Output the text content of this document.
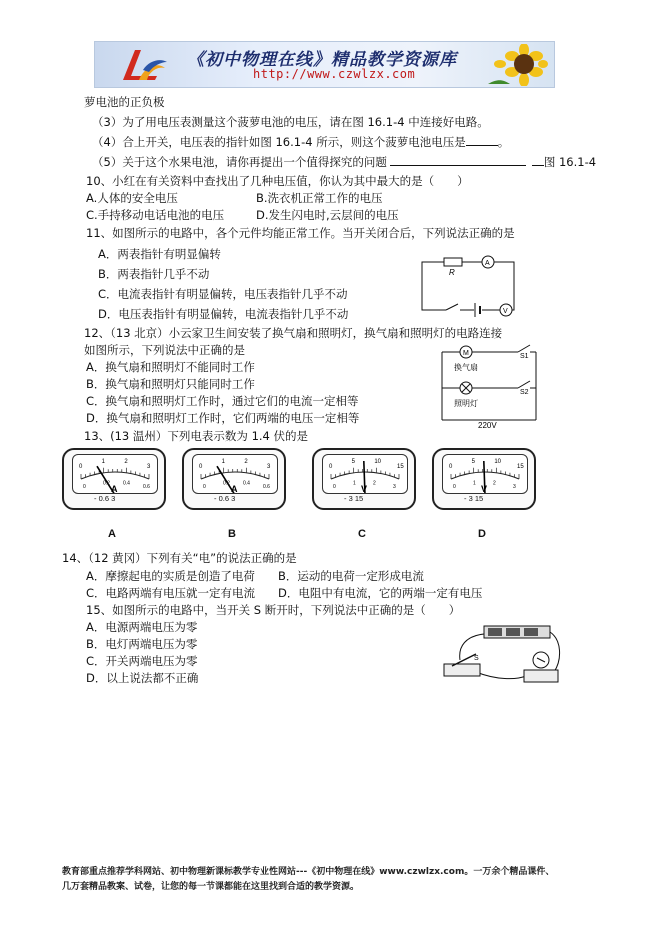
《初中物理在线》精品教学资源库
http://www.czwlzx.com
萝电池的正负极
（3）为了用电压表测量这个菠萝电池的电压，请在图 16.1-4 中连接好电路。
（4）合上开关，电压表的指针如图 16.1-4 所示，则这个菠萝电池电压是	。
（5）关于这个水果电池，请你再提出一个值得探究的问题	图 16.1-4
10、小红在有关资料中查找出了几种电压值，你认为其中最大的是（　　）
A.人体的安全电压	B.洗衣机正常工作的电压
C.手持移动电话电池的电压	D.发生闪电时,云层间的电压
11、如图所示的电路中，各个元件均能正常工作。当开关闭合后，下列说法正确的是
A．两表指针有明显偏转
B．两表指针几乎不动
C．电流表指针有明显偏转，电压表指针几乎不动
D．电压表指针有明显偏转，电流表指针几乎不动
R
A
V
12、（13 北京）小云家卫生间安装了换气扇和照明灯，换气扇和照明灯的电路连接
如图所示，下列说法中正确的是
A．换气扇和照明灯不能同时工作
B．换气扇和照明灯只能同时工作
C．换气扇和照明灯工作时，通过它们的电流一定相等
D．换气扇和照明灯工作时，它们两端的电压一定相等
M	S1
S2
换气扇
照明灯
220V
13、(13 温州）下列电表示数为 1.4 伏的是
0
1	2
3
0
0.2	0.4
0.6
A
- 0.6 3
A
0
1	2
3
0
0.2	0.4
0.6
A
- 0.6 3
B
0
5	10
15
0
1	2
3
V
- 3 15
C
0
5	10
15
0
1	2
3
V
- 3 15
D
14、（12 黄冈）下列有关“电”的说法正确的是
A．摩擦起电的实质是创造了电荷 B．运动的电荷一定形成电流
C．电路两端有电压就一定有电流 D．电阻中有电流，它的两端一定有电压
15、如图所示的电路中，当开关 S 断开时，下列说法中正确的是（　　）
A．电源两端电压为零
B．电灯两端电压为零
C．开关两端电压为零
D．以上说法都不正确
S
教育部重点推荐学科网站、初中物理新课标教学专业性网站---《初中物理在线》www.czwlzx.com。一万余个精品课件、
几万套精品教案、试卷，让您的每一节课都能在这里找到合适的教学资源。
